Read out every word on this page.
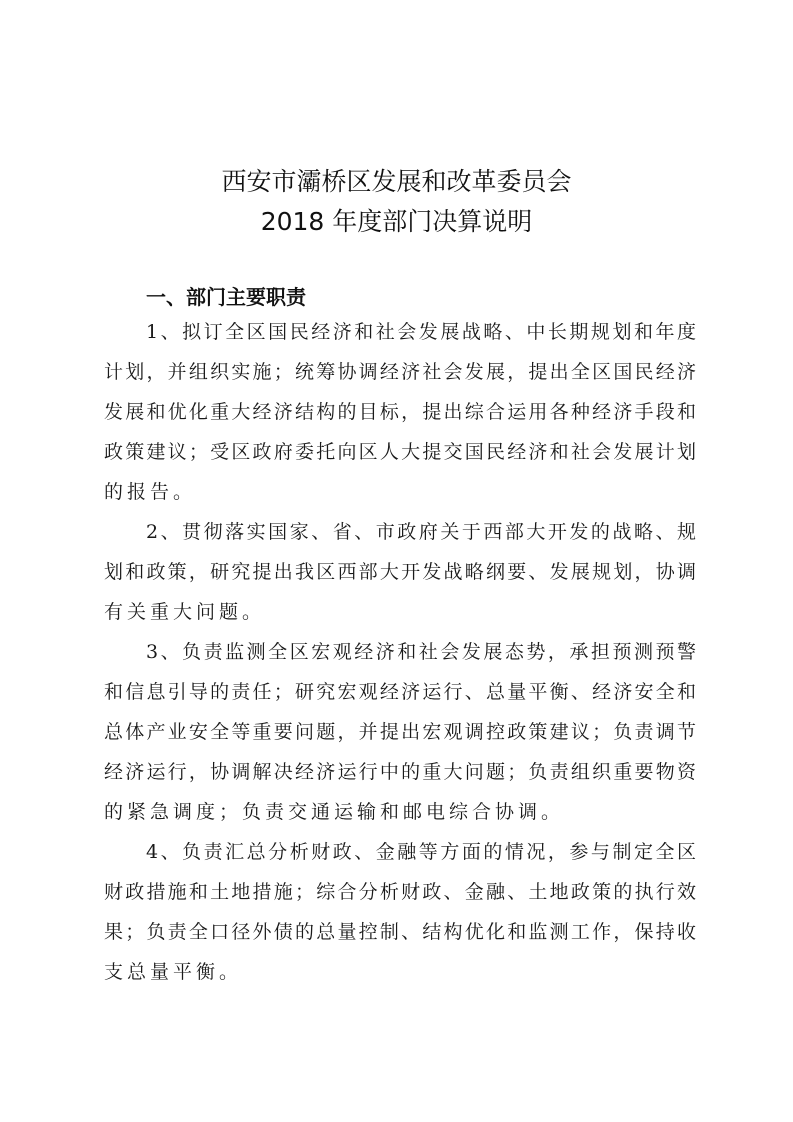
西安市灞桥区发展和改革委员会
2018 年度部门决算说明
一、部门主要职责
1、拟订全区国民经济和社会发展战略、中长期规划和年度
计划，并组织实施；统筹协调经济社会发展，提出全区国民经济
发展和优化重大经济结构的目标，提出综合运用各种经济手段和
政策建议；受区政府委托向区人大提交国民经济和社会发展计划
的报告。
2、贯彻落实国家、省、市政府关于西部大开发的战略、规
划和政策，研究提出我区西部大开发战略纲要、发展规划，协调
有关重大问题。
3、负责监测全区宏观经济和社会发展态势，承担预测预警
和信息引导的责任；研究宏观经济运行、总量平衡、经济安全和
总体产业安全等重要问题，并提出宏观调控政策建议；负责调节
经济运行，协调解决经济运行中的重大问题；负责组织重要物资
的紧急调度；负责交通运输和邮电综合协调。
4、负责汇总分析财政、金融等方面的情况，参与制定全区
财政措施和土地措施；综合分析财政、金融、土地政策的执行效
果；负责全口径外债的总量控制、结构优化和监测工作，保持收
支总量平衡。
